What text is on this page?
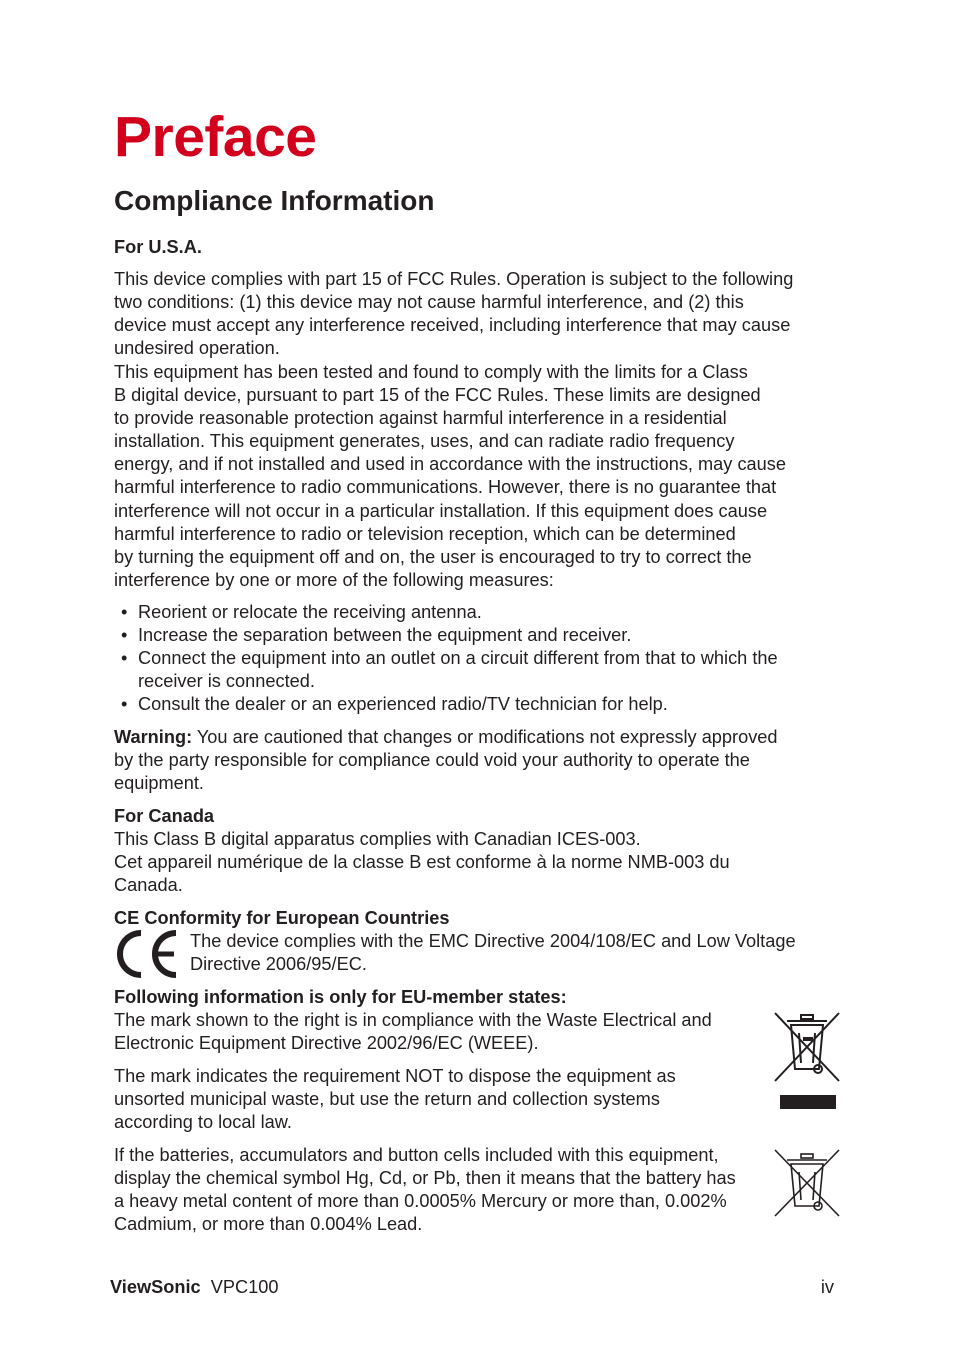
Preface
Compliance Information
For U.S.A.
This device complies with part 15 of FCC Rules. Operation is subject to the following
two conditions: (1) this device may not cause harmful interference, and (2) this
device must accept any interference received, including interference that may cause
undesired operation.
This equipment has been tested and found to comply with the limits for a Class
B digital device, pursuant to part 15 of the FCC Rules. These limits are designed
to provide reasonable protection against harmful interference in a residential
installation. This equipment generates, uses, and can radiate radio frequency
energy, and if not installed and used in accordance with the instructions, may cause
harmful interference to radio communications. However, there is no guarantee that
interference will not occur in a particular installation. If this equipment does cause
harmful interference to radio or television reception, which can be determined
by turning the equipment off and on, the user is encouraged to try to correct the
interference by one or more of the following measures:
• Reorient or relocate the receiving antenna.
• Increase the separation between the equipment and receiver.
• Connect the equipment into an outlet on a circuit different from that to which the
receiver is connected.
• Consult the dealer or an experienced radio/TV technician for help.
Warning: You are cautioned that changes or modifications not expressly approved
by the party responsible for compliance could void your authority to operate the
equipment.
For Canada
This Class B digital apparatus complies with Canadian ICES-003.
Cet appareil numérique de la classe B est conforme à la norme NMB-003 du
Canada.
CE Conformity for European Countries
The device complies with the EMC Directive 2004/108/EC and Low Voltage
Directive 2006/95/EC.
Following information is only for EU-member states:
The mark shown to the right is in compliance with the Waste Electrical and
Electronic Equipment Directive 2002/96/EC (WEEE).
The mark indicates the requirement NOT to dispose the equipment as
unsorted municipal waste, but use the return and collection systems
according to local law.
If the batteries, accumulators and button cells included with this equipment,
display the chemical symbol Hg, Cd, or Pb, then it means that the battery has
a heavy metal content of more than 0.0005% Mercury or more than, 0.002%
Cadmium, or more than 0.004% Lead.
ViewSonic VPC100	iv
